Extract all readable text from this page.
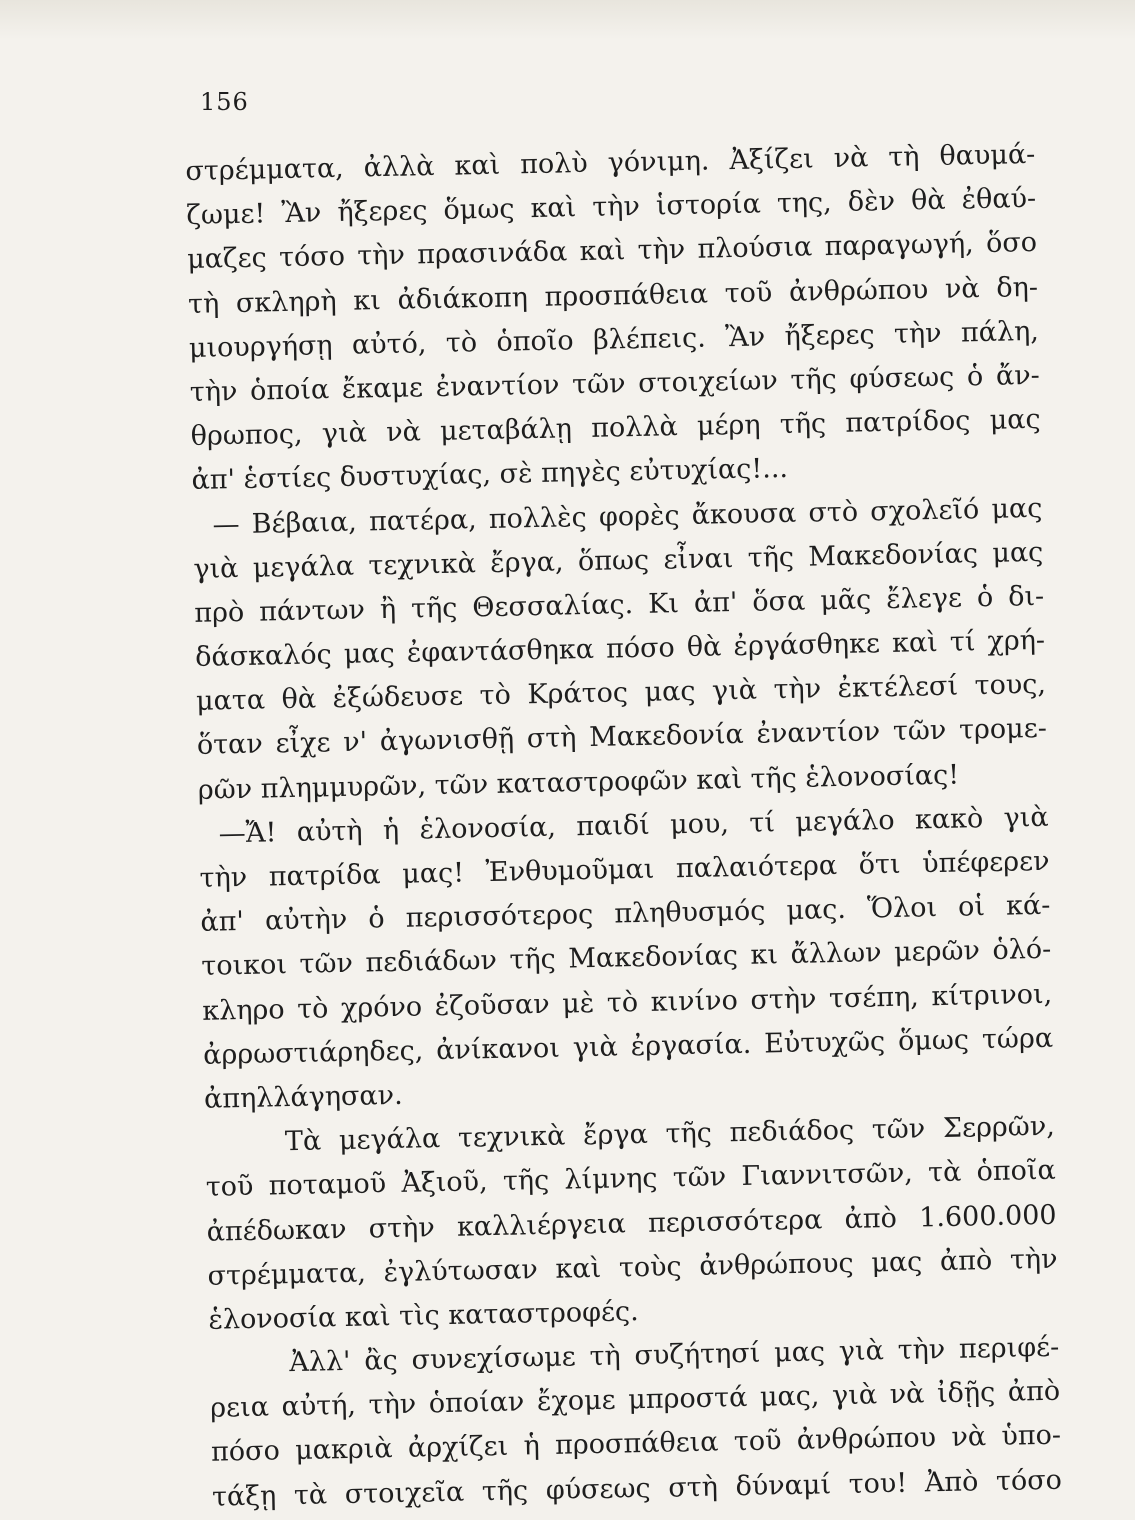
156
στρέμματα, ἀλλὰ καὶ πολὺ γόνιμη. Ἀξίζει νὰ τὴ θαυμά-
ζωμε! Ἂν ἤξερες ὅμως καὶ τὴν ἱστορία της, δὲν θὰ ἐθαύ-
μαζες τόσο τὴν πρασινάδα καὶ τὴν πλούσια παραγωγή, ὅσο
τὴ σκληρὴ κι ἀδιάκοπη προσπάθεια τοῦ ἀνθρώπου νὰ δη-
μιουργήσῃ αὐτό, τὸ ὁποῖο βλέπεις. Ἂν ἤξερες τὴν πάλη,
τὴν ὁποία ἔκαμε ἐναντίον τῶν στοιχείων τῆς φύσεως ὁ ἄν-
θρωπος, γιὰ νὰ μεταβάλῃ πολλὰ μέρη τῆς πατρίδος μας
ἀπ' ἑστίες δυστυχίας, σὲ πηγὲς εὐτυχίας!...
— Βέβαια, πατέρα, πολλὲς φορὲς ἄκουσα στὸ σχολεῖό μας
γιὰ μεγάλα τεχνικὰ ἔργα, ὅπως εἶναι τῆς Μακεδονίας μας
πρὸ πάντων ἢ τῆς Θεσσαλίας. Κι ἀπ' ὅσα μᾶς ἔλεγε ὁ δι-
δάσκαλός μας ἐφαντάσθηκα πόσο θὰ ἐργάσθηκε καὶ τί χρή-
ματα θὰ ἐξώδευσε τὸ Κράτος μας γιὰ τὴν ἐκτέλεσί τους,
ὅταν εἶχε ν' ἀγωνισθῇ στὴ Μακεδονία ἐναντίον τῶν τρομε-
ρῶν πλημμυρῶν, τῶν καταστροφῶν καὶ τῆς ἑλονοσίας!
—Ἄ! αὐτὴ ἡ ἑλονοσία, παιδί μου, τί μεγάλο κακὸ γιὰ
τὴν πατρίδα μας! Ἐνθυμοῦμαι παλαιότερα ὅτι ὑπέφερεν
ἀπ' αὐτὴν ὁ περισσότερος πληθυσμός μας. Ὅλοι οἱ κά-
τοικοι τῶν πεδιάδων τῆς Μακεδονίας κι ἄλλων μερῶν ὁλό-
κληρο τὸ χρόνο ἐζοῦσαν μὲ τὸ κινίνο στὴν τσέπη, κίτρινοι,
ἀρρωστιάρηδες, ἀνίκανοι γιὰ ἐργασία. Εὐτυχῶς ὅμως τώρα
ἀπηλλάγησαν.
Τὰ μεγάλα τεχνικὰ ἔργα τῆς πεδιάδος τῶν Σερρῶν,
τοῦ ποταμοῦ Ἀξιοῦ, τῆς λίμνης τῶν Γιαννιτσῶν, τὰ ὁποῖα
ἀπέδωκαν στὴν καλλιέργεια περισσότερα ἀπὸ 1.600.000
στρέμματα, ἐγλύτωσαν καὶ τοὺς ἀνθρώπους μας ἀπὸ τὴν
ἑλονοσία καὶ τὶς καταστροφές.
Ἀλλ' ἂς συνεχίσωμε τὴ συζήτησί μας γιὰ τὴν περιφέ-
ρεια αὐτή, τὴν ὁποίαν ἔχομε μπροστά μας, γιὰ νὰ ἰδῇς ἀπὸ
πόσο μακριὰ ἀρχίζει ἡ προσπάθεια τοῦ ἀνθρώπου νὰ ὑπο-
τάξῃ τὰ στοιχεῖα τῆς φύσεως στὴ δύναμί του! Ἀπὸ τόσο
